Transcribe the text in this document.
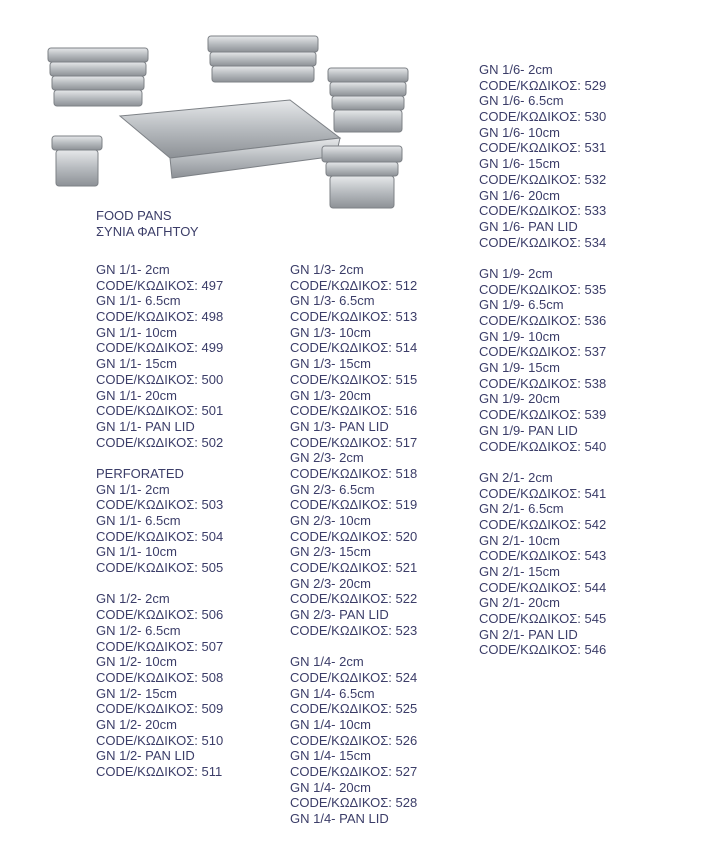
FOOD PANS
ΣΥΝΙΑ ΦΑΓΗΤΟΥ
GN 1/1- 2cm
CODE/ΚΩΔΙΚΟΣ: 497
GN 1/1- 6.5cm
CODE/ΚΩΔΙΚΟΣ: 498
GN 1/1- 10cm
CODE/ΚΩΔΙΚΟΣ: 499
GN 1/1- 15cm
CODE/ΚΩΔΙΚΟΣ: 500
GN 1/1- 20cm
CODE/ΚΩΔΙΚΟΣ: 501
GN 1/1- PAN LID
CODE/ΚΩΔΙΚΟΣ: 502
PERFORATED
GN 1/1- 2cm
CODE/ΚΩΔΙΚΟΣ: 503
GN 1/1- 6.5cm
CODE/ΚΩΔΙΚΟΣ: 504
GN 1/1- 10cm
CODE/ΚΩΔΙΚΟΣ: 505
GN 1/2- 2cm
CODE/ΚΩΔΙΚΟΣ: 506
GN 1/2- 6.5cm
CODE/ΚΩΔΙΚΟΣ: 507
GN 1/2- 10cm
CODE/ΚΩΔΙΚΟΣ: 508
GN 1/2- 15cm
CODE/ΚΩΔΙΚΟΣ: 509
GN 1/2- 20cm
CODE/ΚΩΔΙΚΟΣ: 510
GN 1/2- PAN LID
CODE/ΚΩΔΙΚΟΣ: 511
GN 1/3- 2cm
CODE/ΚΩΔΙΚΟΣ: 512
GN 1/3- 6.5cm
CODE/ΚΩΔΙΚΟΣ: 513
GN 1/3- 10cm
CODE/ΚΩΔΙΚΟΣ: 514
GN 1/3- 15cm
CODE/ΚΩΔΙΚΟΣ: 515
GN 1/3- 20cm
CODE/ΚΩΔΙΚΟΣ: 516
GN 1/3- PAN LID
CODE/ΚΩΔΙΚΟΣ: 517
GN 2/3- 2cm
CODE/ΚΩΔΙΚΟΣ: 518
GN 2/3- 6.5cm
CODE/ΚΩΔΙΚΟΣ: 519
GN 2/3- 10cm
CODE/ΚΩΔΙΚΟΣ: 520
GN 2/3- 15cm
CODE/ΚΩΔΙΚΟΣ: 521
GN 2/3- 20cm
CODE/ΚΩΔΙΚΟΣ: 522
GN 2/3- PAN LID
CODE/ΚΩΔΙΚΟΣ: 523
GN 1/4- 2cm
CODE/ΚΩΔΙΚΟΣ: 524
GN 1/4- 6.5cm
CODE/ΚΩΔΙΚΟΣ: 525
GN 1/4- 10cm
CODE/ΚΩΔΙΚΟΣ: 526
GN 1/4- 15cm
CODE/ΚΩΔΙΚΟΣ: 527
GN 1/4- 20cm
CODE/ΚΩΔΙΚΟΣ: 528
GN 1/4- PAN LID
GN 1/6- 2cm
CODE/ΚΩΔΙΚΟΣ: 529
GN 1/6- 6.5cm
CODE/ΚΩΔΙΚΟΣ: 530
GN 1/6- 10cm
CODE/ΚΩΔΙΚΟΣ: 531
GN 1/6- 15cm
CODE/ΚΩΔΙΚΟΣ: 532
GN 1/6- 20cm
CODE/ΚΩΔΙΚΟΣ: 533
GN 1/6- PAN LID
CODE/ΚΩΔΙΚΟΣ: 534
GN 1/9- 2cm
CODE/ΚΩΔΙΚΟΣ: 535
GN 1/9- 6.5cm
CODE/ΚΩΔΙΚΟΣ: 536
GN 1/9- 10cm
CODE/ΚΩΔΙΚΟΣ: 537
GN 1/9- 15cm
CODE/ΚΩΔΙΚΟΣ: 538
GN 1/9- 20cm
CODE/ΚΩΔΙΚΟΣ: 539
GN 1/9- PAN LID
CODE/ΚΩΔΙΚΟΣ: 540
GN 2/1- 2cm
CODE/ΚΩΔΙΚΟΣ: 541
GN 2/1- 6.5cm
CODE/ΚΩΔΙΚΟΣ: 542
GN 2/1- 10cm
CODE/ΚΩΔΙΚΟΣ: 543
GN 2/1- 15cm
CODE/ΚΩΔΙΚΟΣ: 544
GN 2/1- 20cm
CODE/ΚΩΔΙΚΟΣ: 545
GN 2/1- PAN LID
CODE/ΚΩΔΙΚΟΣ: 546
